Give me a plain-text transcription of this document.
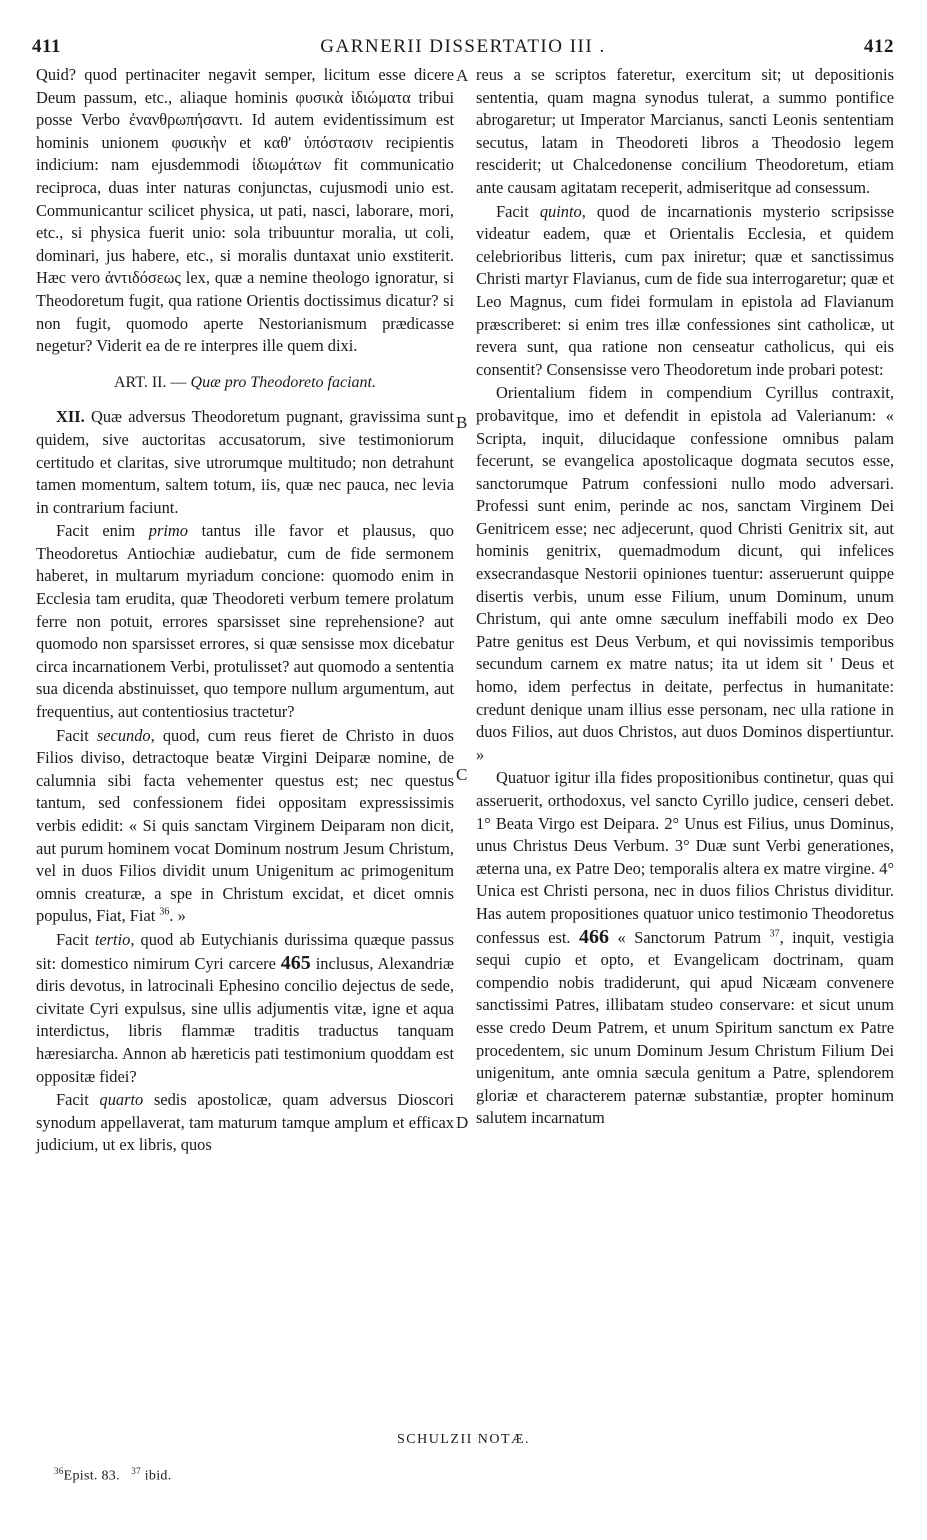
411	GARNERII DISSERTATIO III .	412
A
B
C
D

Quid? quod pertinaciter negavit semper, licitum esse dicere Deum passum, etc., aliaque hominis φυσικὰ ἰδιώματα tribui posse Verbo ἐνανθρωπήσαντι. Id autem evidentissimum est hominis unionem φυσικὴν et καθ' ὑπόστασιν recipientis indicium: nam ejusdemmodi ἰδιωμάτων fit communicatio reciproca, duas inter naturas conjunctas, cujusmodi unio est. Communicantur scilicet physica, ut pati, nasci, laborare, mori, etc., si physica fuerit unio: sola tribuuntur moralia, ut coli, dominari, jus habere, etc., si moralis duntaxat unio exstiterit. Hæc vero ἀντιδόσεως lex, quæ a nemine theologo ignoratur, si Theodoretum fugit, qua ratione Orientis doctissimus dicatur? si non fugit, quomodo aperte Nestorianismum prædicasse negetur? Viderit ea de re interpres ille quem dixi.

ART. II. — Quæ pro Theodoreto faciant.

XII. Quæ adversus Theodoretum pugnant, gravissima sunt quidem, sive auctoritas accusatorum, sive testimoniorum certitudo et claritas, sive utrorumque multitudo; non detrahunt tamen momentum, saltem totum, iis, quæ nec pauca, nec levia in contrarium faciunt.

Facit enim primo tantus ille favor et plausus, quo Theodoretus Antiochiæ audiebatur, cum de fide sermonem haberet, in multarum myriadum concione: quomodo enim in Ecclesia tam erudita, quæ Theodoreti verbum temere prolatum ferre non potuit, errores sparsisset sine reprehensione? aut quomodo non sparsisset errores, si quæ sensisse mox dicebatur circa incarnationem Verbi, protulisset? aut quomodo a sententia sua dicenda abstinuisset, quo tempore nullum argumentum, aut frequentius, aut contentiosius tractetur?

Facit secundo, quod, cum reus fieret de Christo in duos Filios diviso, detractoque beatæ Virgini Deiparæ nomine, de calumnia sibi facta vehementer questus est; nec questus tantum, sed confessionem fidei oppositam expressissimis verbis edidit: « Si quis sanctam Virginem Deiparam non dicit, aut purum hominem vocat Dominum nostrum Jesum Christum, vel in duos Filios dividit unum Unigenitum ac primogenitum omnis creaturæ, a spe in Christum excidat, et dicet omnis populus, Fiat, Fiat $^{36}$. »

Facit tertio, quod ab Eutychianis durissima quæque passus sit: domestico nimirum Cyri carcere 465 inclusus, Alexandriæ diris devotus, in latrocinali Ephesino concilio dejectus de sede, civitate Cyri expulsus, sine ullis adjumentis vitæ, igne et aqua interdictus, libris flammæ traditis traductus tanquam hæresiarcha. Annon ab hæreticis pati testimonium quoddam est oppositæ fidei?

Facit quarto sedis apostolicæ, quam adversus Dioscori synodum appellaverat, tam maturum tamque amplum et efficax judicium, ut ex libris, quos

reus a se scriptos fateretur, exercitum sit; ut depositionis sententia, quam magna synodus tulerat, a summo pontifice abrogaretur; ut Imperator Marcianus, sancti Leonis sententiam secutus, latam in Theodoreti libros a Theodosio legem resciderit; ut Chalcedonense concilium Theodoretum, etiam ante causam agitatam receperit, admiseritque ad consessum.

Facit quinto, quod de incarnationis mysterio scripsisse videatur eadem, quæ et Orientalis Ecclesia, et quidem celebrioribus litteris, cum pax iniretur; quæ et sanctissimus Christi martyr Flavianus, cum de fide sua interrogaretur; quæ et Leo Magnus, cum fidei formulam in epistola ad Flavianum præscriberet: si enim tres illæ confessiones sint catholicæ, ut revera sunt, qua ratione non censeatur catholicus, qui eis consentit? Consensisse vero Theodoretum inde probari potest:

Orientalium fidem in compendium Cyrillus contraxit, probavitque, imo et defendit in epistola ad Valerianum: « Scripta, inquit, dilucidaque confessione omnibus palam fecerunt, se evangelica apostolicaque dogmata secutos esse, sanctorumque Patrum confessioni nullo modo adversari. Professi sunt enim, perinde ac nos, sanctam Virginem Dei Genitricem esse; nec adjecerunt, quod Christi Genitrix sit, aut hominis genitrix, quemadmodum dicunt, qui infelices exsecrandasque Nestorii opiniones tuentur: asseruerunt quippe disertis verbis, unum esse Filium, unum Dominum, unum Christum, qui ante omne sæculum ineffabili modo ex Deo Patre genitus est Deus Verbum, et qui novissimis temporibus secundum carnem ex matre natus; ita ut idem sit ' Deus et homo, idem perfectus in deitate, perfectus in humanitate: credunt denique unam illius esse personam, nec ulla ratione in duos Filios, aut duos Christos, aut duos Dominos dispertiuntur. »

Quatuor igitur illa fides propositionibus continetur, quas qui asseruerit, orthodoxus, vel sancto Cyrillo judice, censeri debet. 1° Beata Virgo est Deipara. 2° Unus est Filius, unus Dominus, unus Christus Deus Verbum. 3° Duæ sunt Verbi generationes, æterna una, ex Patre Deo; temporalis altera ex matre virgine. 4° Unica est Christi persona, nec in duos filios Christus dividitur. Has autem propositiones quatuor unico testimonio Theodoretus confessus est. 466 « Sanctorum Patrum $^{37}$, inquit, vestigia sequi cupio et opto, et Evangelicam doctrinam, quam compendio nobis tradiderunt, qui apud Nicæam convenere sanctissimi Patres, illibatam studeo conservare: et sicut unum esse credo Deum Patrem, et unum Spiritum sanctum ex Patre procedentem, sic unum Dominum Jesum Christum Filium Dei unigenitum, ante omnia sæcula genitum a Patre, splendorem gloriæ et characterem paternæ substantiæ, propter hominum salutem incarnatum

SCHULZII NOTÆ.
$^{36}$Epist. 83. $^{37}$ ibid.
